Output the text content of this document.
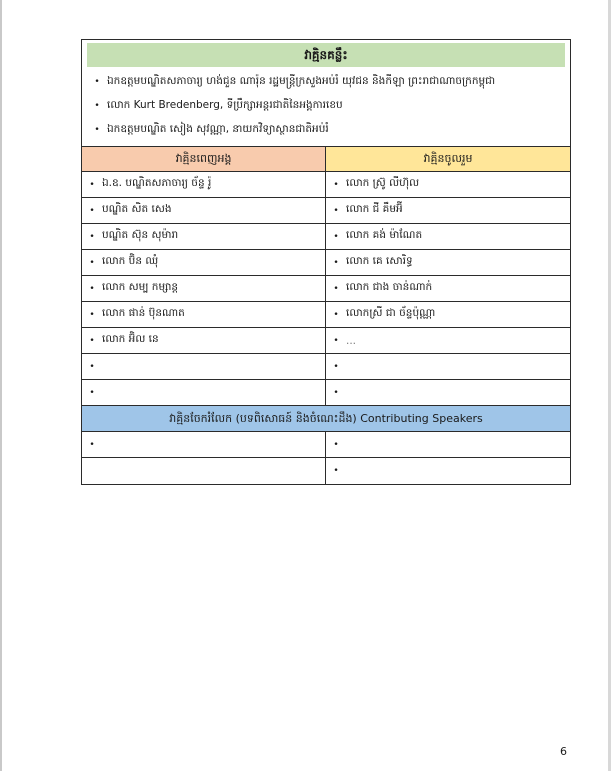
វាគ្មិនគន្លឹះ
• ឯកឧត្តមបណ្ឌិតសភាចារ្យ ហង់ជួន ណារ៉ុន រដ្ឋមន្ត្រីក្រសួងអប់រំ យុវជន និងកីឡា ព្រះរាជាណាចក្រកម្ពុជា
• លោក Kurt Bredenberg, ទីប្រឹក្សាអន្តរជាតិនៃអង្គការខេប
• ឯកឧត្តមបណ្ឌិត សៀង សុវណ្ណា, នាយកវិទ្យាស្ថានជាតិអប់រំ
វាគ្មិនពេញអង្គ
• ឯ.ឧ. បណ្ឌិតសភាចារ្យ ច័ន្ទ រ៉ូ
• បណ្ឌិត សិត សេង
• បណ្ឌិត ស៊ុន សុម៉ារា
• លោក ប៊ិន ឈុំ
• លោក សម្ប កម្សាន្ត
• លោក ផាន់ ប៊ុនណាត
• លោក អ៊ិល នេ
•
•
វាគ្មិនចូលរួម
• លោក ស្រ៊ូ លីហ៊ុល
• លោក ជី គឹមអ៊ី
• លោក គង់ ម៉ាណែត
• លោក គេ សោរិទ្ធ
• លោក ជាង ចាន់ណាក់
• លោកស្រី ជា ច័ន្ទប៉ុណ្ណា
• ...
•
•
វាគ្មិនចែករំលែក (បទពិសោធន៍ និងចំណេះដឹង) Contributing Speakers
•	•
•
6
